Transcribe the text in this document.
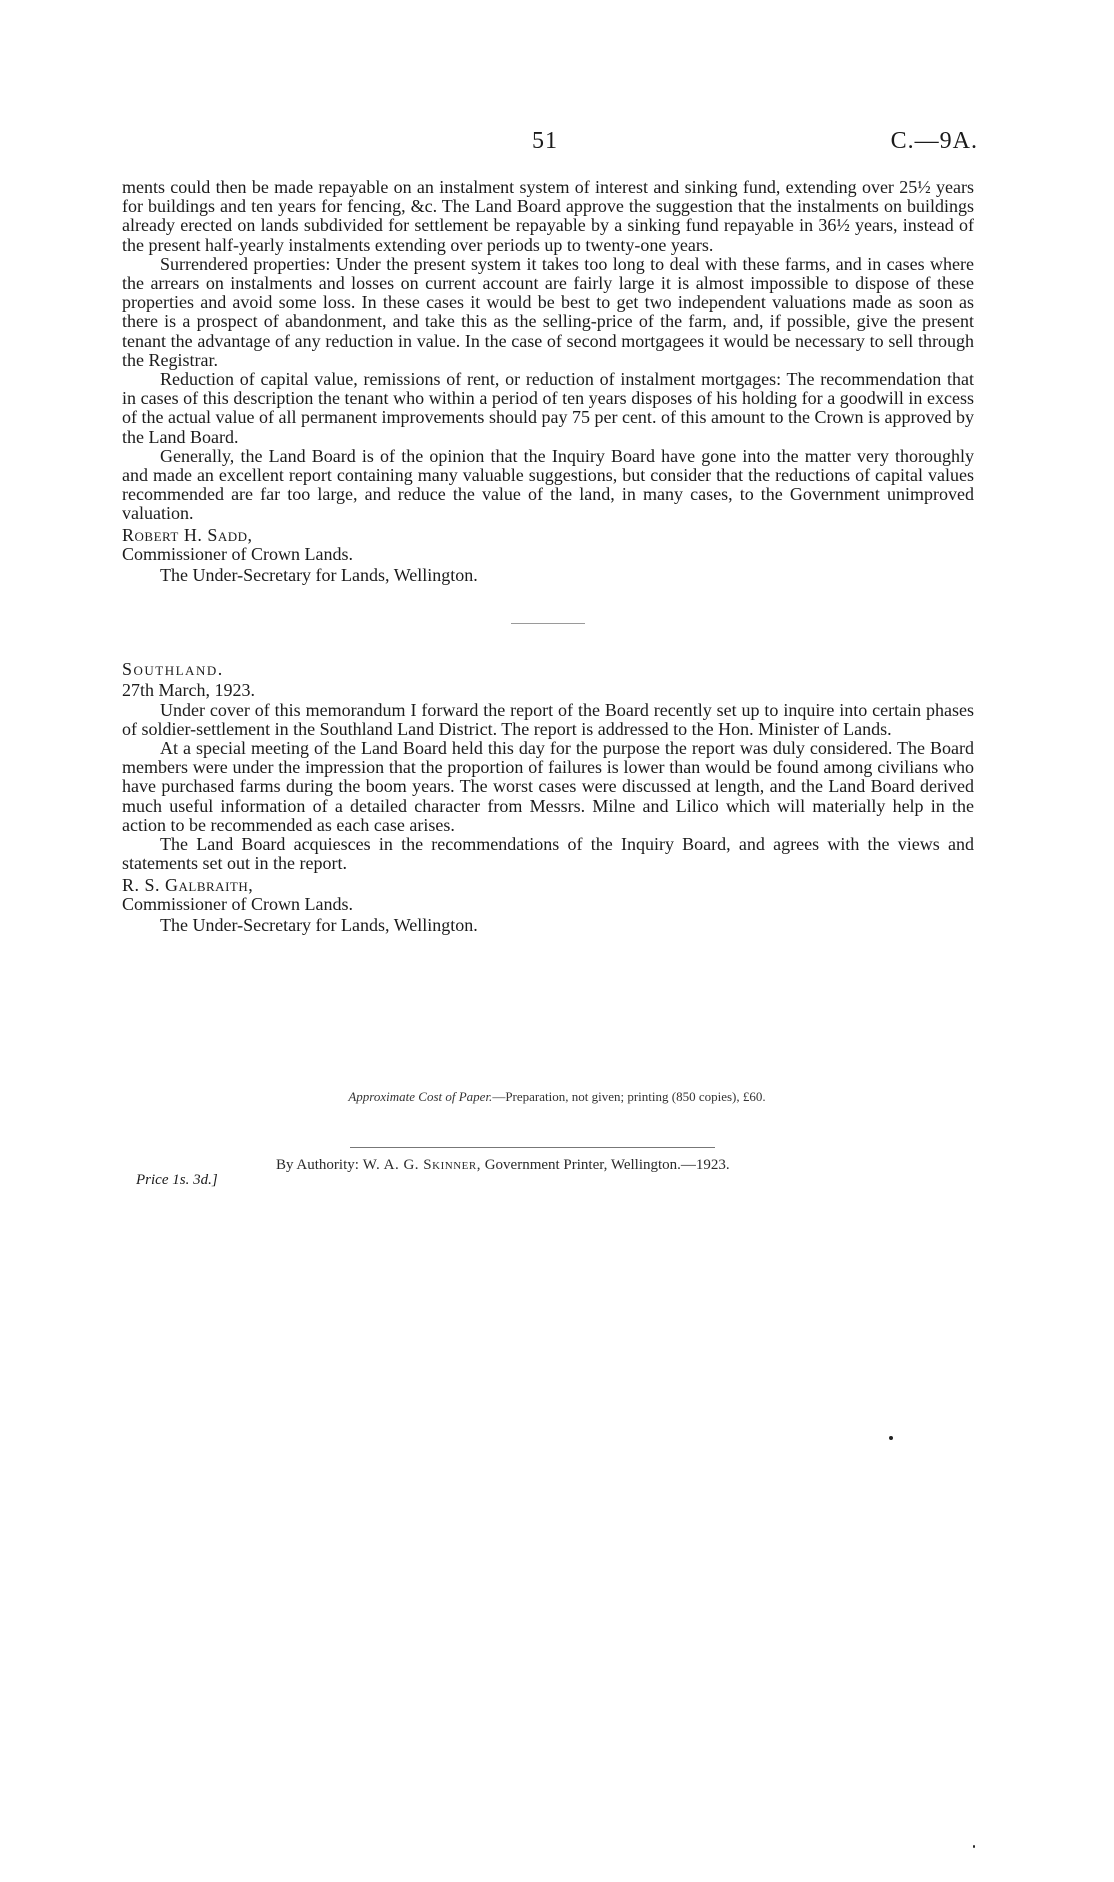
51	C.—9A.

ments could then be made repayable on an instalment system of interest and sinking fund, extending over 25½ years for buildings and ten years for fencing, &c. The Land Board approve the suggestion that the instalments on buildings already erected on lands subdivided for settlement be repayable by a sinking fund repayable in 36½ years, instead of the present half-yearly instalments extending over periods up to twenty-one years.

Surrendered properties: Under the present system it takes too long to deal with these farms, and in cases where the arrears on instalments and losses on current account are fairly large it is almost impossible to dispose of these properties and avoid some loss. In these cases it would be best to get two independent valuations made as soon as there is a prospect of abandonment, and take this as the selling-price of the farm, and, if possible, give the present tenant the advantage of any reduction in value. In the case of second mortgagees it would be necessary to sell through the Registrar.

Reduction of capital value, remissions of rent, or reduction of instalment mortgages: The recommendation that in cases of this description the tenant who within a period of ten years disposes of his holding for a goodwill in excess of the actual value of all permanent improvements should pay 75 per cent. of this amount to the Crown is approved by the Land Board.

Generally, the Land Board is of the opinion that the Inquiry Board have gone into the matter very thoroughly and made an excellent report containing many valuable suggestions, but consider that the reductions of capital values recommended are far too large, and reduce the value of the land, in many cases, to the Government unimproved valuation.

Robert H. Sadd,

Commissioner of Crown Lands.

The Under-Secretary for Lands, Wellington.

Southland.

27th March, 1923.

Under cover of this memorandum I forward the report of the Board recently set up to inquire into certain phases of soldier-settlement in the Southland Land District. The report is addressed to the Hon. Minister of Lands.

At a special meeting of the Land Board held this day for the purpose the report was duly considered. The Board members were under the impression that the proportion of failures is lower than would be found among civilians who have purchased farms during the boom years. The worst cases were discussed at length, and the Land Board derived much useful information of a detailed character from Messrs. Milne and Lilico which will materially help in the action to be recommended as each case arises.

The Land Board acquiesces in the recommendations of the Inquiry Board, and agrees with the views and statements set out in the report.

R. S. Galbraith,

Commissioner of Crown Lands.

The Under-Secretary for Lands, Wellington.

Approximate Cost of Paper.—Preparation, not given; printing (850 copies), £60.
Price 1s. 3d.]
By Authority: W. A. G. Skinner, Government Printer, Wellington.—1923.
